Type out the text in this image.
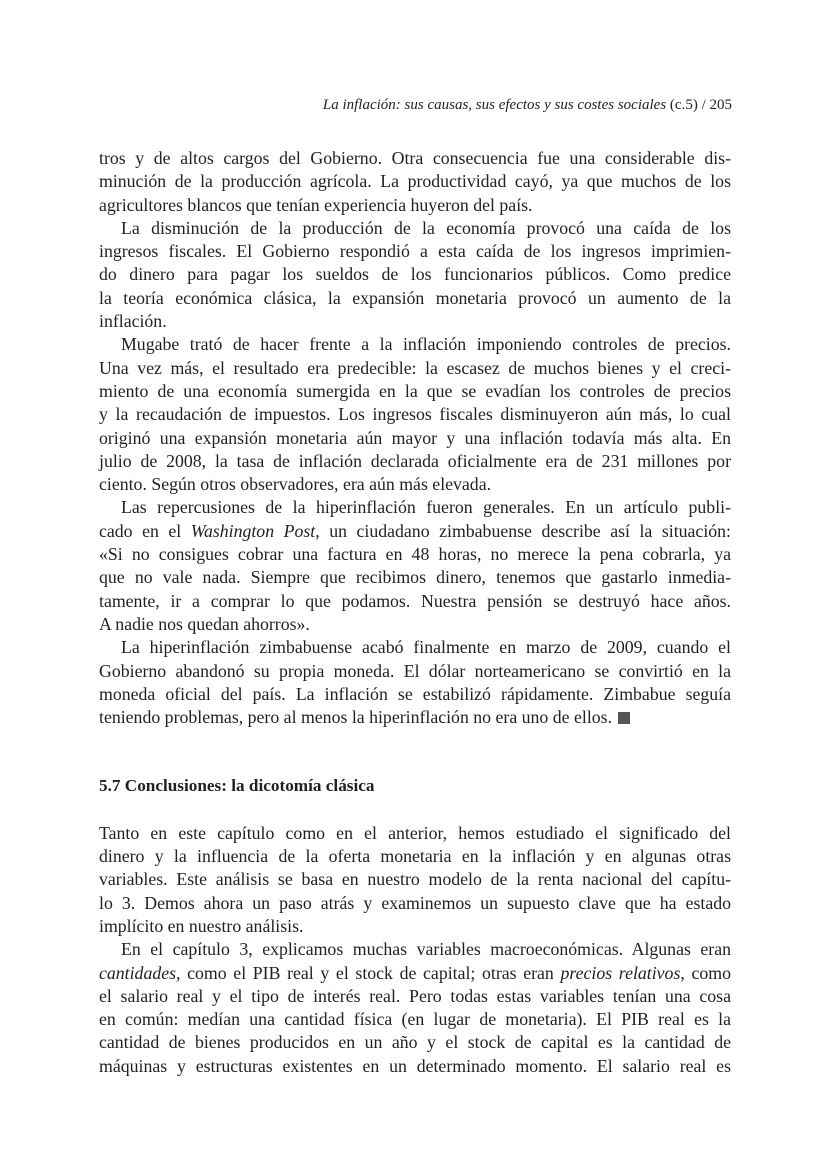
La inflación: sus causas, sus efectos y sus costes sociales (c.5) / 205
tros y de altos cargos del Gobierno. Otra consecuencia fue una considerable dis-
minución de la producción agrícola. La productividad cayó, ya que muchos de los
agricultores blancos que tenían experiencia huyeron del país.
La disminución de la producción de la economía provocó una caída de los
ingresos fiscales. El Gobierno respondió a esta caída de los ingresos imprimien-
do dinero para pagar los sueldos de los funcionarios públicos. Como predice
la teoría económica clásica, la expansión monetaria provocó un aumento de la
inflación.
Mugabe trató de hacer frente a la inflación imponiendo controles de precios.
Una vez más, el resultado era predecible: la escasez de muchos bienes y el creci-
miento de una economía sumergida en la que se evadían los controles de precios
y la recaudación de impuestos. Los ingresos fiscales disminuyeron aún más, lo cual
originó una expansión monetaria aún mayor y una inflación todavía más alta. En
julio de 2008, la tasa de inflación declarada oficialmente era de 231 millones por
ciento. Según otros observadores, era aún más elevada.
Las repercusiones de la hiperinflación fueron generales. En un artículo publi-
cado en el Washington Post, un ciudadano zimbabuense describe así la situación:
«Si no consigues cobrar una factura en 48 horas, no merece la pena cobrarla, ya
que no vale nada. Siempre que recibimos dinero, tenemos que gastarlo inmedia-
tamente, ir a comprar lo que podamos. Nuestra pensión se destruyó hace años.
A nadie nos quedan ahorros».
La hiperinflación zimbabuense acabó finalmente en marzo de 2009, cuando el
Gobierno abandonó su propia moneda. El dólar norteamericano se convirtió en la
moneda oficial del país. La inflación se estabilizó rápidamente. Zimbabue seguía
teniendo problemas, pero al menos la hiperinflación no era uno de ellos.
5.7 Conclusiones: la dicotomía clásica
Tanto en este capítulo como en el anterior, hemos estudiado el significado del
dinero y la influencia de la oferta monetaria en la inflación y en algunas otras
variables. Este análisis se basa en nuestro modelo de la renta nacional del capítu-
lo 3. Demos ahora un paso atrás y examinemos un supuesto clave que ha estado
implícito en nuestro análisis.
En el capítulo 3, explicamos muchas variables macroeconómicas. Algunas eran
cantidades, como el PIB real y el stock de capital; otras eran precios relativos, como
el salario real y el tipo de interés real. Pero todas estas variables tenían una cosa
en común: medían una cantidad física (en lugar de monetaria). El PIB real es la
cantidad de bienes producidos en un año y el stock de capital es la cantidad de
máquinas y estructuras existentes en un determinado momento. El salario real es
